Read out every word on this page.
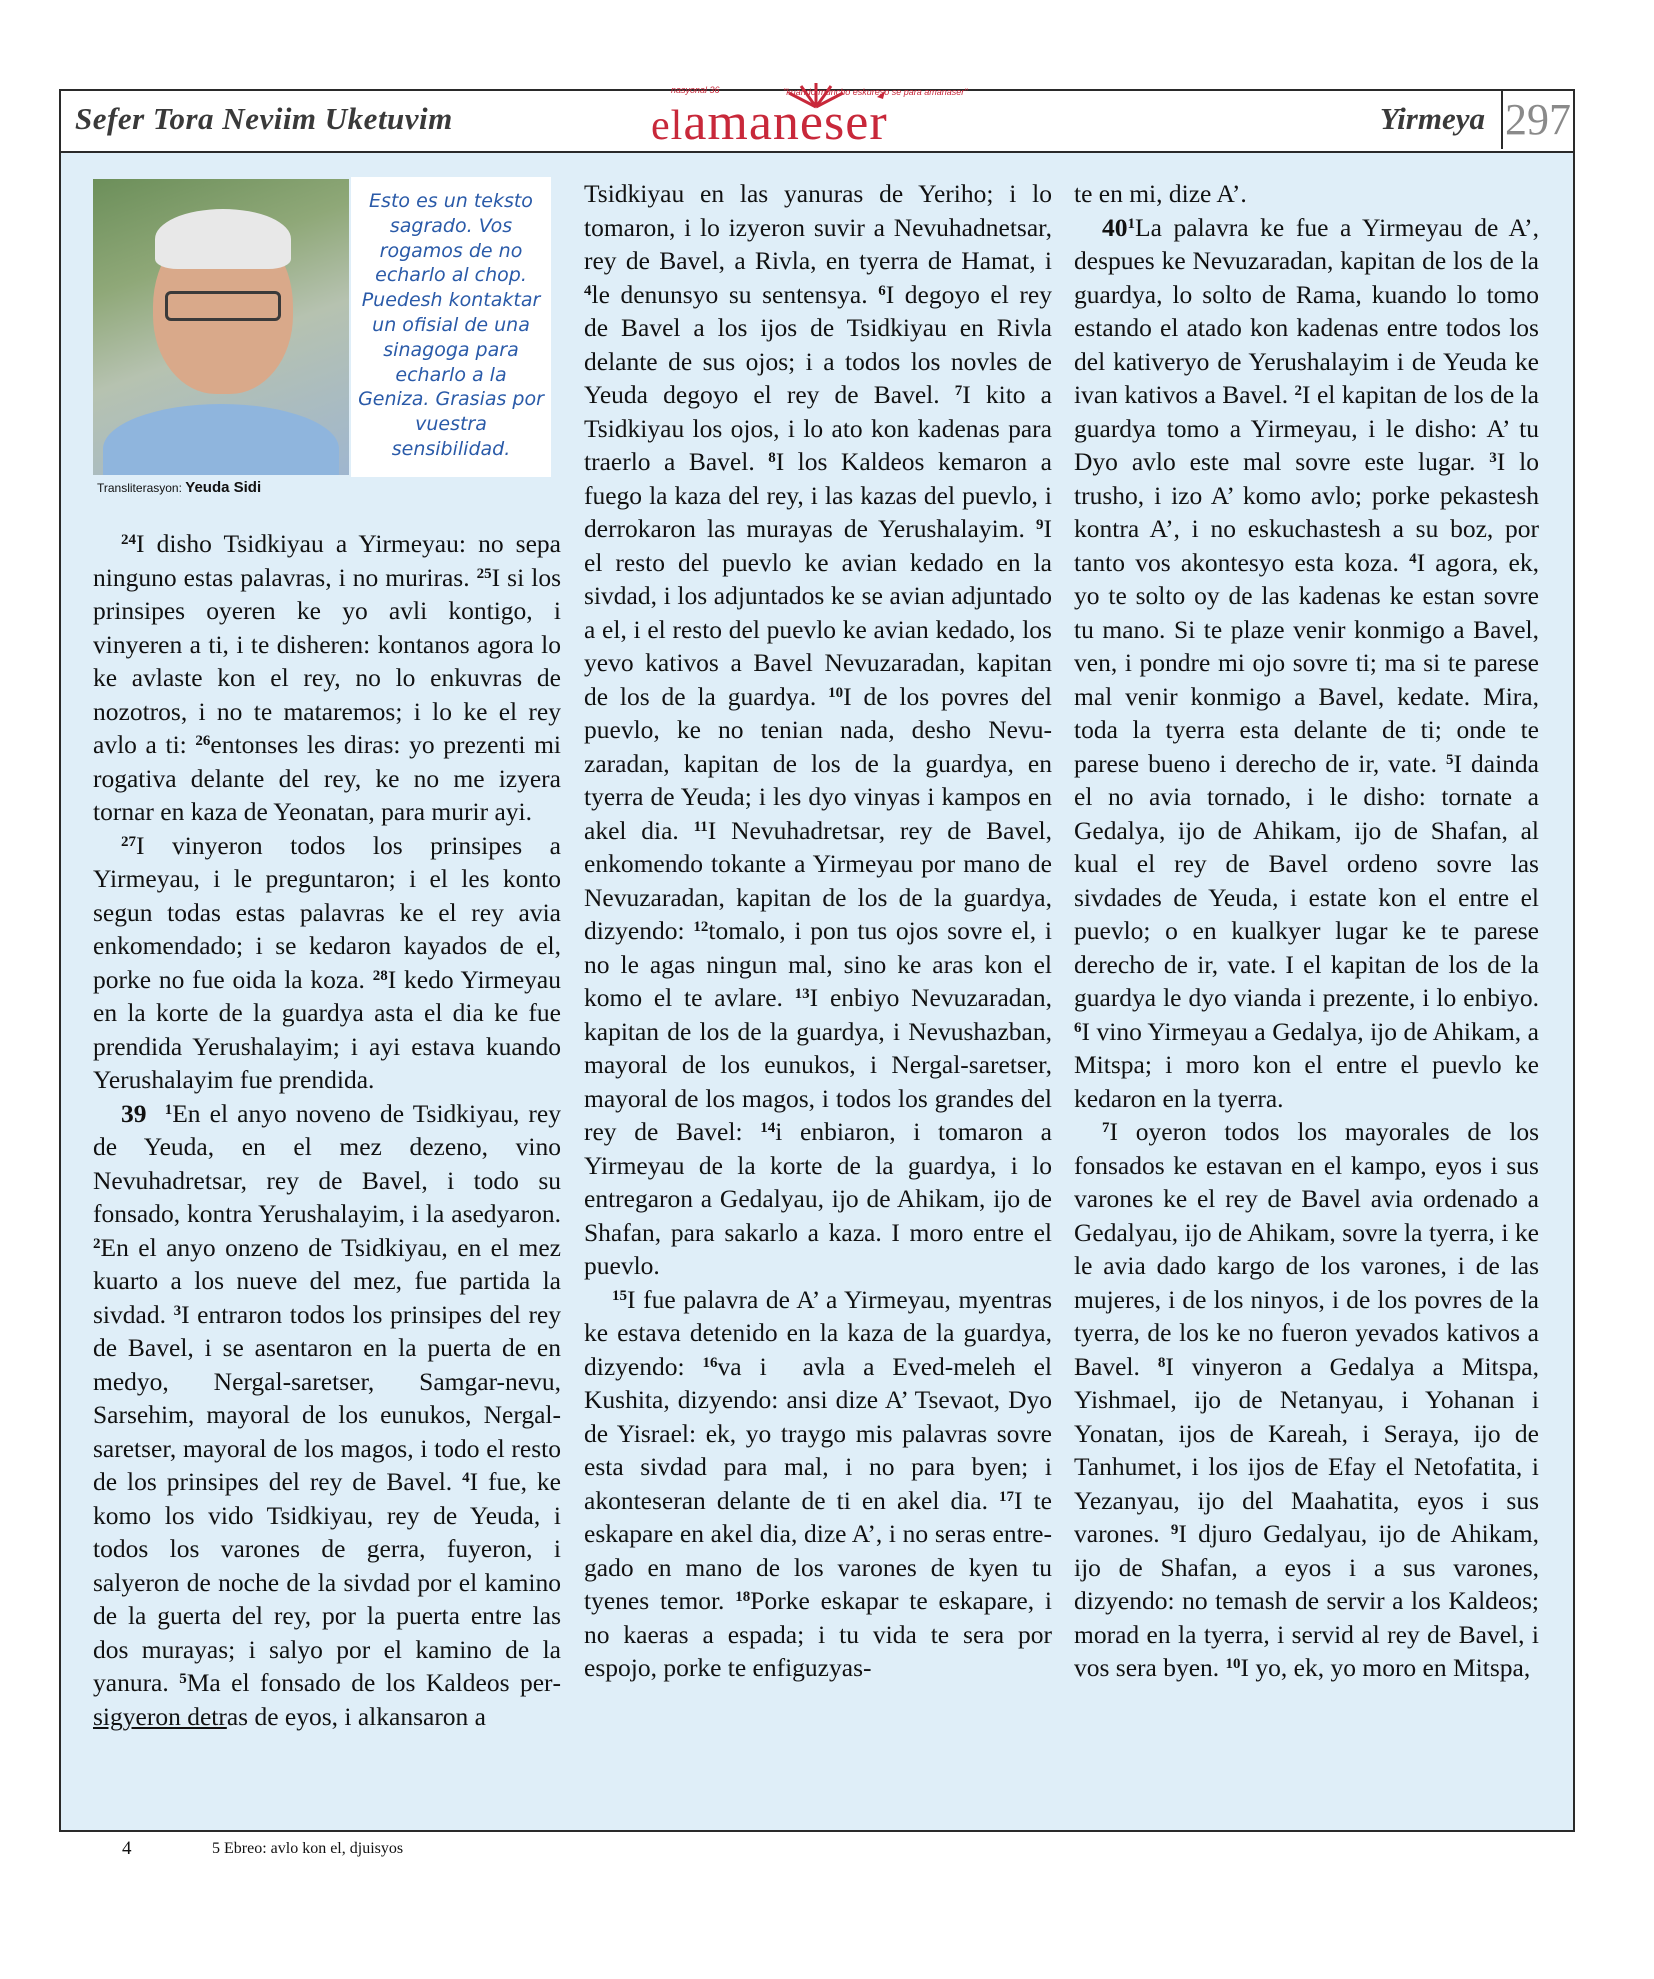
Sefer Tora Neviim Uketuvim
nasyonal 36	"kuando muncho eskureso se para amanaser"
elamaneser	Yirmeya 297
Transliterasyon: Yeuda Sidi
Esto es un teksto sagrado. Vos rogamos de no echarlo al chop. Puedesh kontaktar un ofisial de una sinagoga para echarlo a la Geniza. Grasias por vuestra sensibilidad.

$^{24}$I disho Tsidkiyau a Yirmeyau: no sepa ninguno estas palavras, i no muriras. $^{25}$I si los prinsipes oyeren ke yo avli kontigo, i vinyeren a ti, i te disheren: kontanos agora lo ke avlaste kon el rey, no lo enkuvras de nozotros, i no te mataremos; i lo ke el rey avlo a ti: $^{26}$entonses les diras: yo prezenti mi rogativa delante del rey, ke no me izyera tornar en kaza de Yeonatan, para murir ayi.

$^{27}$I vinyeron todos los prinsipes a Yirmeyau, i le preguntaron; i el les konto segun todas estas palavras ke el rey avia enkomendado; i se kedaron kayados de el, porke no fue oida la koza. $^{28}$I kedo Yirmeyau en la korte de la guardya asta el dia ke fue prendida Yerushalayim; i ayi estava kuando Yerushalayim fue prendida.

39 $^1$En el anyo noveno de Tsidkiyau, rey de Yeuda, en el mez dezeno, vino Nevuhadretsar, rey de Bavel, i todo su fonsado, kontra Yerushalayim, i la asedyaron. $^2$En el anyo onzeno de Tsidkiyau, en el mez kuarto a los nueve del mez, fue partida la sivdad. $^3$I entraron todos los prinsipes del rey de Bavel, i se asentaron en la puerta de en medyo, Nergal-saretser, Samgar-nevu, Sarsehim, mayoral de los eunukos, Nergal-saretser, mayoral de los magos, i todo el resto de los prinsipes del rey de Bavel. $^4$I fue, ke komo los vido Tsidkiyau, rey de Yeuda, i todos los varones de gerra, fuyeron, i salyeron de noche de la sivdad por el kamino de la guerta del rey, por la puerta entre las dos murayas; i salyo por el kamino de la yanura. $^5$Ma el fonsado de los Kaldeos persigyeron detras de eyos, i alkansaron a

Tsidkiyau en las yanuras de Yeriho; i lo tomaron, i lo izyeron suvir a Nevuhadnetsar, rey de Bavel, a Rivla, en tyerra de Hamat, i $^4$le denunsyo su sentensya. $^6$I degoyo el rey de Bavel a los ijos de Tsidkiyau en Rivla delante de sus ojos; i a todos los novles de Yeuda degoyo el rey de Bavel. $^7$I kito a Tsidkiyau los ojos, i lo ato kon kadenas para traerlo a Bavel. $^8$I los Kaldeos kemaron a fuego la kaza del rey, i las kazas del puevlo, i derrokaron las murayas de Yerushalayim. $^9$I el resto del puevlo ke avian kedado en la sivdad, i los adjuntados ke se avian adjuntado a el, i el resto del puevlo ke avian kedado, los yevo kativos a Bavel Nevuzaradan, kapitan de los de la guardya. $^{10}$I de los povres del puevlo, ke no tenian nada, desho Nevuzaradan, kapitan de los de la guardya, en tyerra de Yeuda; i les dyo vinyas i kampos en akel dia. $^{11}$I Nevuhadretsar, rey de Bavel, enkomendo tokante a Yirmeyau por mano de Nevuzaradan, kapitan de los de la guardya, dizyendo: $^{12}$tomalo, i pon tus ojos sovre el, i no le agas ningun mal, sino ke aras kon el komo el te avlare. $^{13}$I enbiyo Nevuzaradan, kapitan de los de la guardya, i Nevushazban, mayoral de los eunukos, i Nergal-saretser, mayoral de los magos, i todos los grandes del rey de Bavel: $^{14}$i enbiaron, i tomaron a Yirmeyau de la korte de la guardya, i lo entregaron a Gedalyau, ijo de Ahikam, ijo de Shafan, para sakarlo a kaza. I moro entre el puevlo.

$^{15}$I fue palavra de A’ a Yirmeyau, myentras ke estava detenido en la kaza de la guardya, dizyendo: $^{16}$va i  avla a Eved-meleh el Kushita, dizyendo: ansi dize A’ Tsevaot, Dyo de Yisrael: ek, yo traygo mis palavras sovre esta sivdad para mal, i no para byen; i akonteseran delante de ti en akel dia. $^{17}$I te eskapare en akel dia, dize A’, i no seras entregado en mano de los varones de kyen tu tyenes temor. $^{18}$Porke eskapar te eskapare, i no kaeras a espada; i tu vida te sera por espojo, porke te enfiguzyas-

te en mi, dize A’.

$40^1La$ palavra ke fue a Yirmeyau de A’, despues ke Nevuzaradan, kapitan de los de la guardya, lo solto de Rama, kuando lo tomo estando el atado kon kadenas entre todos los del kativeryo de Yerushalayim i de Yeuda ke ivan kativos a Bavel. $^2$I el kapitan de los de la guardya tomo a Yirmeyau, i le disho: A’ tu Dyo avlo este mal sovre este lugar. $^3$I lo trusho, i izo A’ komo avlo; porke pekastesh kontra A’, i no eskuchastesh a su boz, por tanto vos akontesyo esta koza. $^4$I agora, ek, yo te solto oy de las kadenas ke estan sovre tu mano. Si te plaze venir konmigo a Bavel, ven, i pondre mi ojo sovre ti; ma si te parese mal venir konmigo a Bavel, kedate. Mira, toda la tyerra esta delante de ti; onde te parese bueno i derecho de ir, vate. $^5$I dainda el no avia tornado, i le disho: tornate a Gedalya, ijo de Ahikam, ijo de Shafan, al kual el rey de Bavel ordeno sovre las sivdades de Yeuda, i estate kon el entre el puevlo; o en kualkyer lugar ke te parese derecho de ir, vate. I el kapitan de los de la guardya le dyo vianda i prezente, i lo enbiyo. $^6$I vino Yirmeyau a Gedalya, ijo de Ahikam, a Mitspa; i moro kon el entre el puevlo ke kedaron en la tyerra.

$^7$I oyeron todos los mayorales de los fonsados ke estavan en el kampo, eyos i sus varones ke el rey de Bavel avia ordenado a Gedalyau, ijo de Ahikam, sovre la tyerra, i ke le avia dado kargo de los varones, i de las mujeres, i de los ninyos, i de los povres de la tyerra, de los ke no fueron yevados kativos a Bavel. $^8$I vinyeron a Gedalya a Mitspa, Yishmael, ijo de Netanyau, i Yohanan i Yonatan, ijos de Kareah, i Seraya, ijo de Tanhumet, i los ijos de Efay el Netofatita, i Yezanyau, ijo del Maahatita, eyos i sus varones. $^9$I djuro Gedalyau, ijo de Ahikam, ijo de Shafan, a eyos i a sus varones, dizyendo: no temash de servir a los Kaldeos; morad en la tyerra, i servid al rey de Bavel, i vos sera byen. $^{10}$I yo, ek, yo moro en Mitspa,

4	5 Ebreo: avlo kon el, djuisyos
